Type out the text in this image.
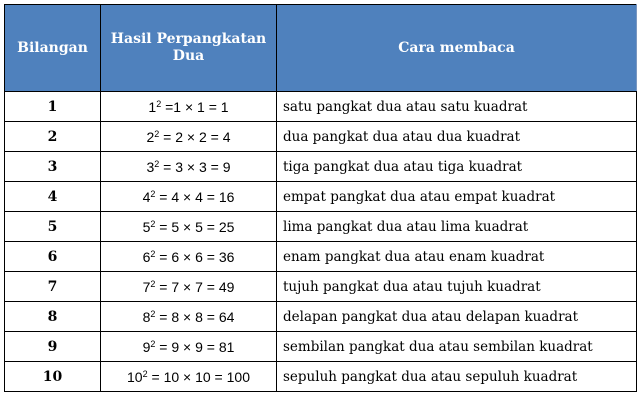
Bilangan	Hasil Perpangkatan Dua	Cara membaca
1	$1^2 =1 \times 1 = 1$	satu pangkat dua atau satu kuadrat
2	$2^2 = 2 \times 2 = 4$	dua pangkat dua atau dua kuadrat
3	$3^2 = 3 \times 3 = 9$	tiga pangkat dua atau tiga kuadrat
4	$4^2 = 4 \times 4 = 16$	empat pangkat dua atau empat kuadrat
5	$5^2 = 5 \times 5 = 25$	lima pangkat dua atau lima kuadrat
6	$6^2 = 6 \times 6 = 36$	enam pangkat dua atau enam kuadrat
7	$7^2 = 7 \times 7 = 49$	tujuh pangkat dua atau tujuh kuadrat
8	$8^2 = 8 \times 8 = 64$	delapan pangkat dua atau delapan kuadrat
9	$9^2 = 9 \times 9 = 81$	sembilan pangkat dua atau sembilan kuadrat
10	$10^2 = 10 \times 10 = 100$	sepuluh pangkat dua atau sepuluh kuadrat
